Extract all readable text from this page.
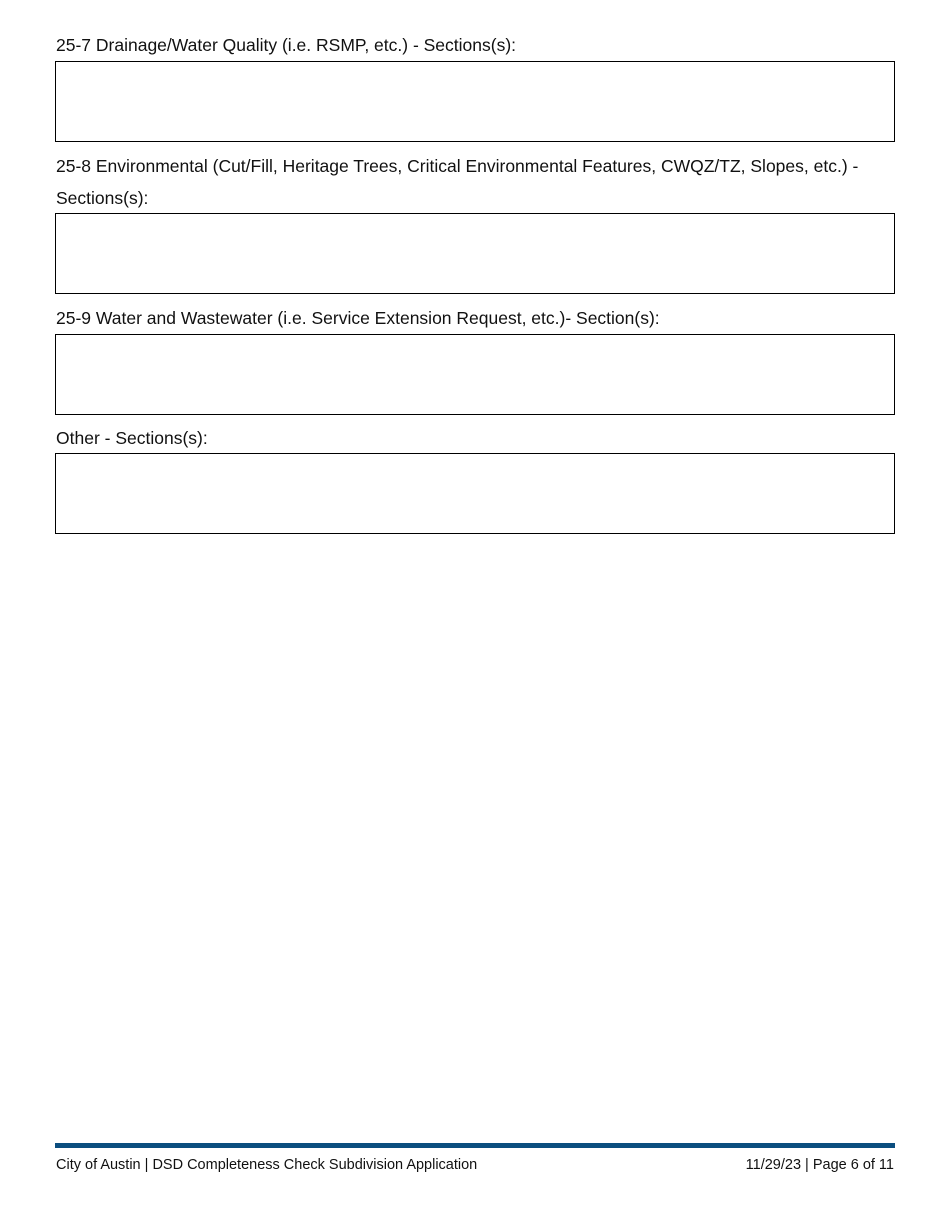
25-7 Drainage/Water Quality (i.e. RSMP, etc.) - Sections(s):
25-8 Environmental (Cut/Fill, Heritage Trees, Critical Environmental Features, CWQZ/TZ, Slopes, etc.) - Sections(s):
25-9 Water and Wastewater (i.e. Service Extension Request, etc.)- Section(s):
Other - Sections(s):
City of Austin | DSD Completeness Check Subdivision Application	11/29/23 | Page 6 of 11
